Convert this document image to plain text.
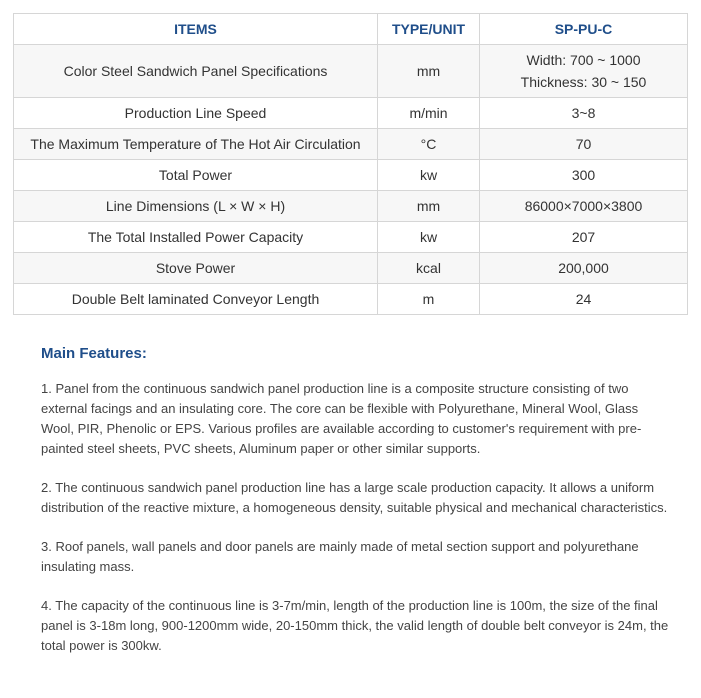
ITEMS	TYPE/UNIT	SP-PU-C
Color Steel Sandwich Panel Specifications	mm	Width: 700 ~ 1000
Thickness: 30 ~ 150

Production Line Speed	m/min	3~8
The Maximum Temperature of The Hot Air Circulation	°C	70
Total Power	kw	300
Line Dimensions (L × W × H)	mm	86000×7000×3800
The Total Installed Power Capacity	kw	207
Stove Power	kcal	200,000
Double Belt laminated Conveyor Length	m	24
Main Features:

1. Panel from the continuous sandwich panel production line is a composite structure consisting of two external facings and an insulating core. The core can be flexible with Polyurethane, Mineral Wool, Glass Wool, PIR, Phenolic or EPS. Various profiles are available according to customer's requirement with pre-painted steel sheets, PVC sheets, Aluminum paper or other similar supports.

2. The continuous sandwich panel production line has a large scale production capacity. It allows a uniform distribution of the reactive mixture, a homogeneous density, suitable physical and mechanical characteristics.

3. Roof panels, wall panels and door panels are mainly made of metal section support and polyurethane insulating mass.

4. The capacity of the continuous line is 3-7m/min, length of the production line is 100m, the size of the final panel is 3-18m long, 900-1200mm wide, 20-150mm thick, the valid length of double belt conveyor is 24m, the total power is 300kw.
